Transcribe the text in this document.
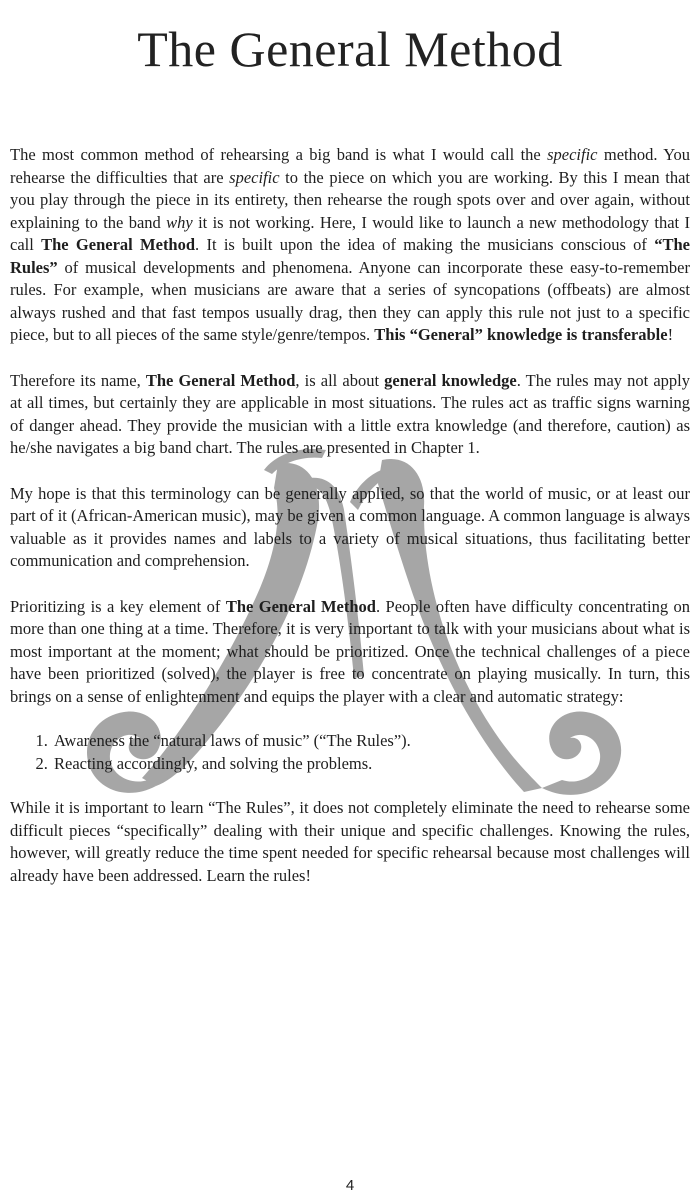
The General Method

The most common method of rehearsing a big band is what I would call the specific method. You rehearse the difficulties that are specific to the piece on which you are working. By this I mean that you play through the piece in its entirety, then rehearse the rough spots over and over again, without explaining to the band why it is not working. Here, I would like to launch a new methodology that I call The General Method. It is built upon the idea of making the musicians conscious of “The Rules” of musical developments and phenomena. Anyone can incorporate these easy-to-remember rules. For example, when musicians are aware that a series of syncopations (offbeats) are almost always rushed and that fast tempos usually drag, then they can apply this rule not just to a specific piece, but to all pieces of the same style/genre/tempos. This “General” knowledge is transferable!

Therefore its name, The General Method, is all about general knowledge. The rules may not apply at all times, but certainly they are applicable in most situations. The rules act as traffic signs warning of danger ahead. They provide the musician with a little extra knowledge (and therefore, caution) as he/she navigates a big band chart. The rules are presented in Chapter 1.

My hope is that this terminology can be generally applied, so that the world of music, or at least our part of it (African-American music), may be given a common language. A common language is always valuable as it provides names and labels to a variety of musical situations, thus facilitating better communication and comprehension.

Prioritizing is a key element of The General Method. People often have difficulty concentrating on more than one thing at a time. Therefore, it is very important to talk with your musicians about what is most important at the moment; what should be prioritized. Once the technical challenges of a piece have been prioritized (solved), the player is free to concentrate on playing musically. In turn, this brings on a sense of enlightenment and equips the player with a clear and automatic strategy:

1. Awareness the “natural laws of music” (“The Rules”).
2. Reacting accordingly, and solving the problems.

While it is important to learn “The Rules”, it does not completely eliminate the need to rehearse some difficult pieces “specifically” dealing with their unique and specific challenges. Knowing the rules, however, will greatly reduce the time spent needed for specific rehearsal because most challenges will already have been addressed. Learn the rules!

4
